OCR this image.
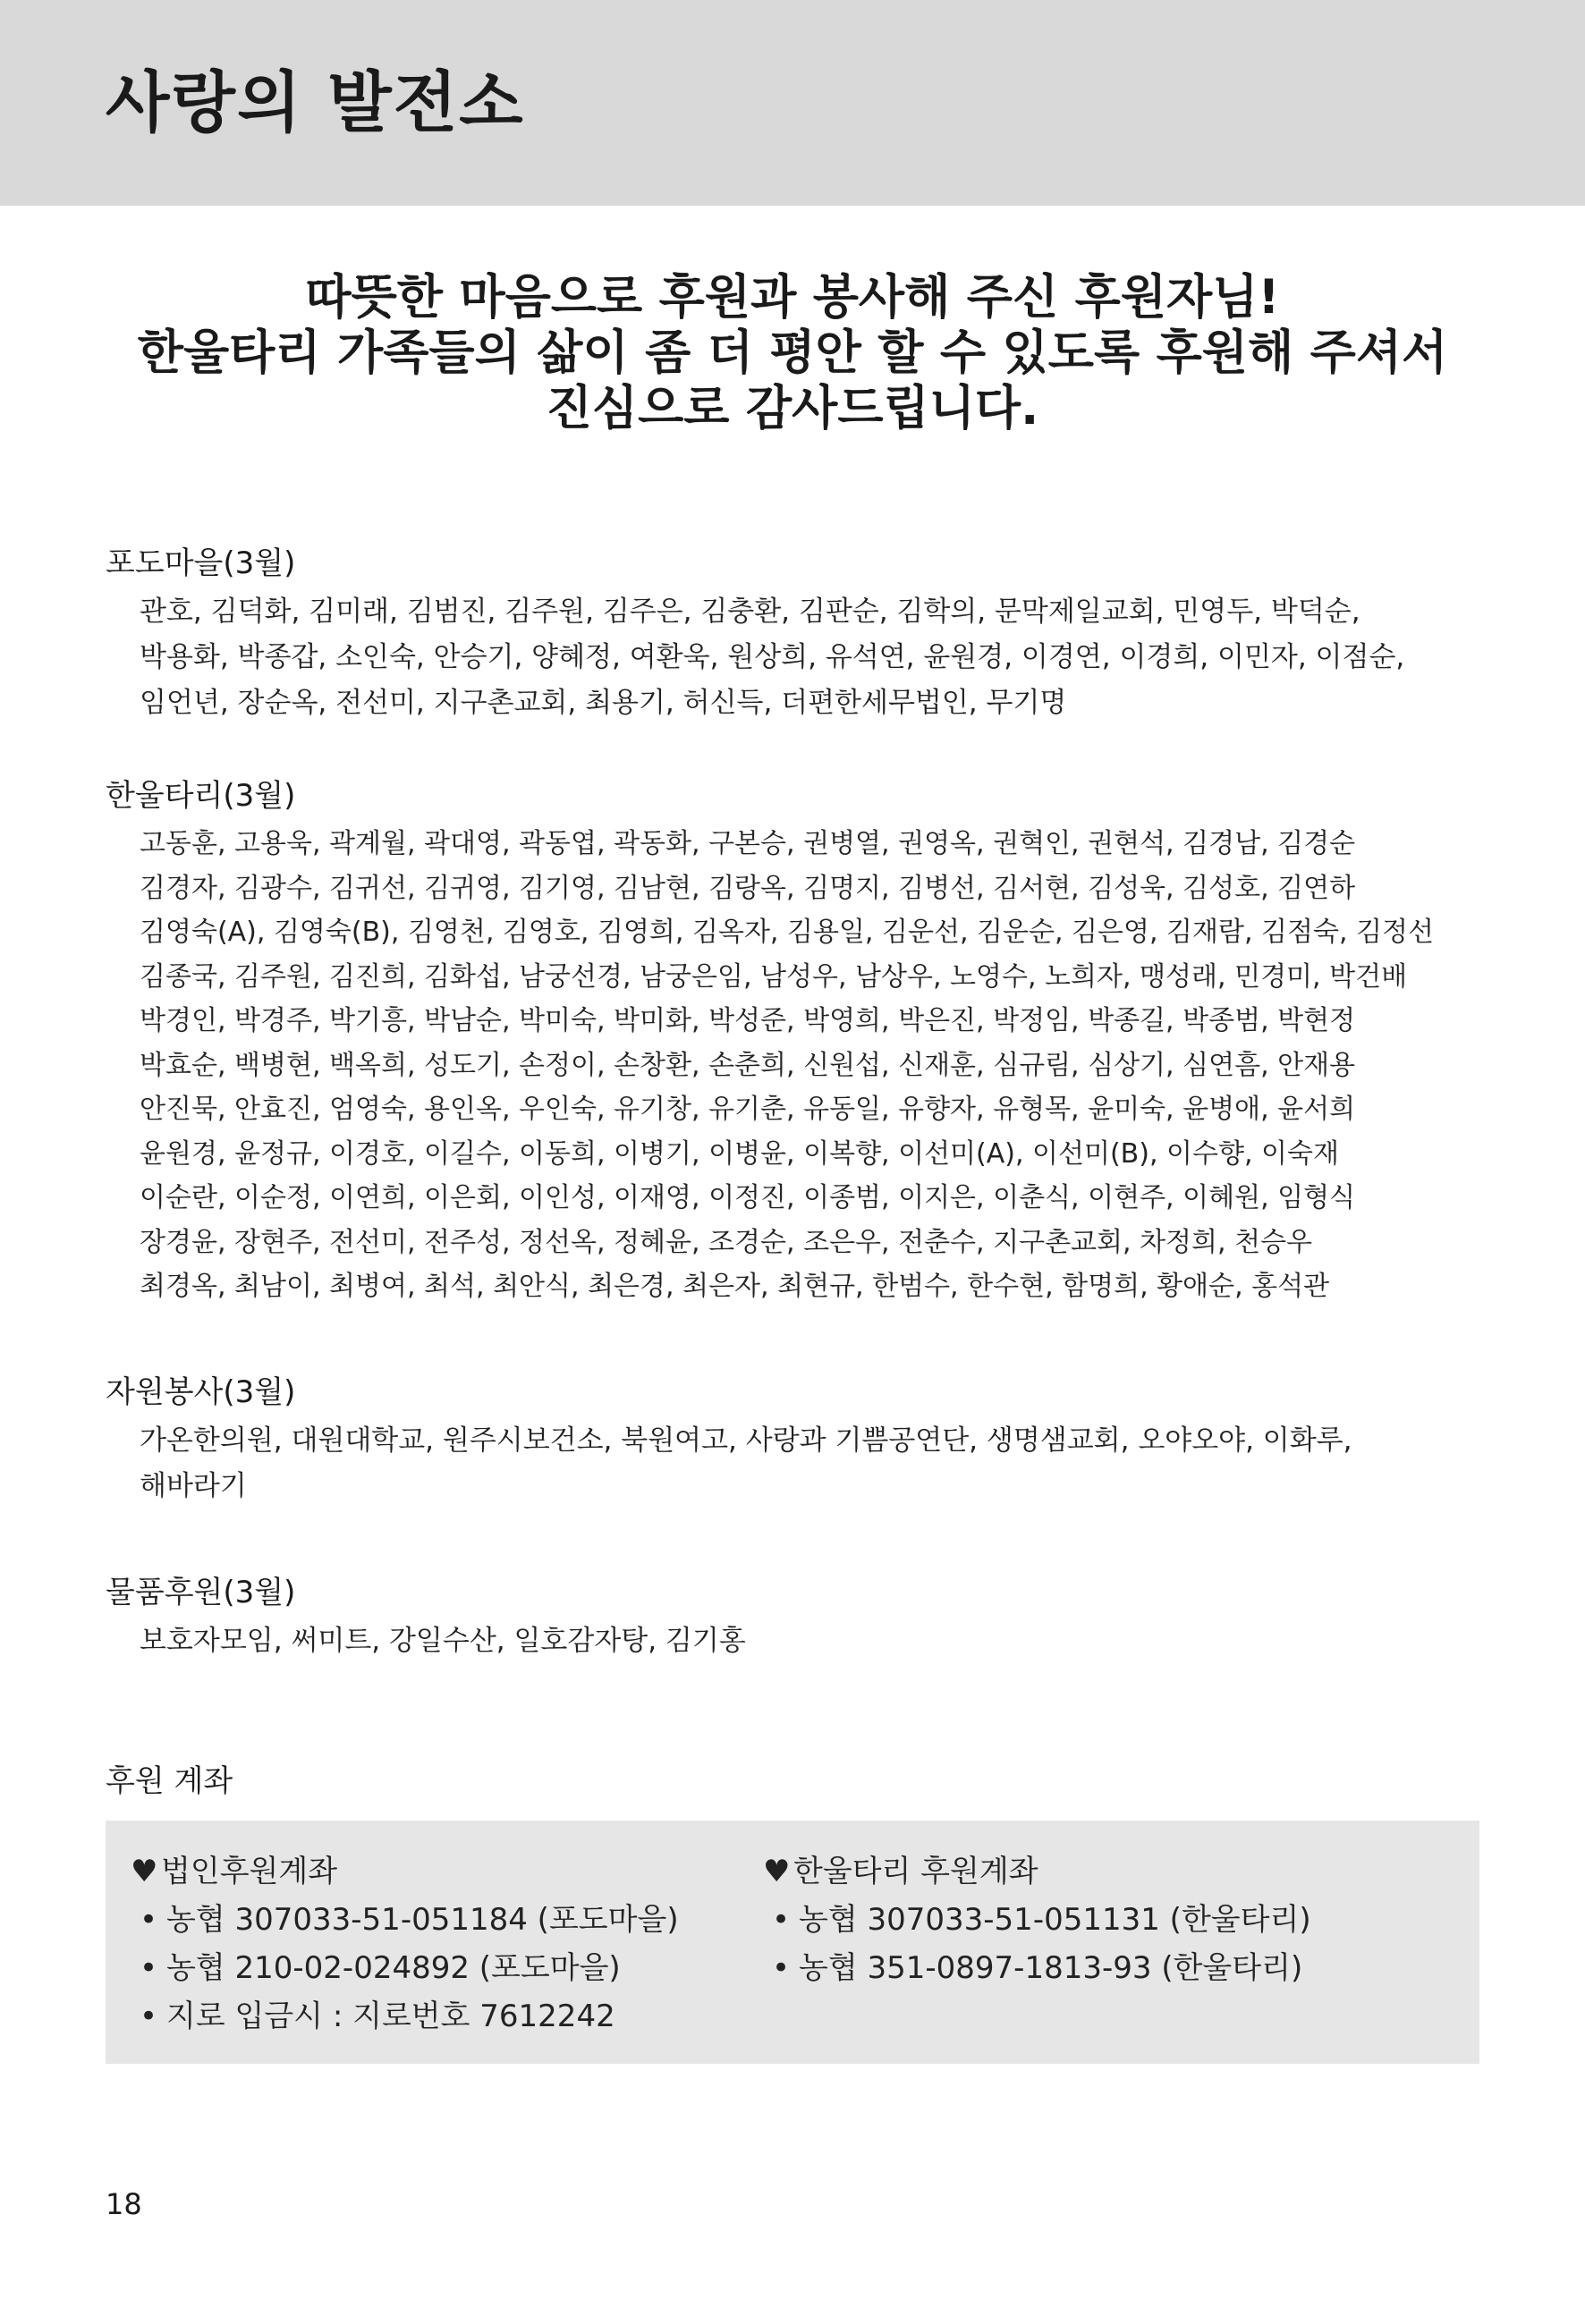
사랑의 발전소
따뜻한 마음으로 후원과 봉사해 주신 후원자님!
한울타리 가족들의 삶이 좀 더 평안 할 수 있도록 후원해 주셔서
진심으로 감사드립니다.
포도마을(3월)
관호, 김덕화, 김미래, 김범진, 김주원, 김주은, 김충환, 김판순, 김학의, 문막제일교회, 민영두, 박덕순,
박용화, 박종갑, 소인숙, 안승기, 양혜정, 여환욱, 원상희, 유석연, 윤원경, 이경연, 이경희, 이민자, 이점순,
임언년, 장순옥, 전선미, 지구촌교회, 최용기, 허신득, 더편한세무법인, 무기명
한울타리(3월)
고동훈, 고용욱, 곽계월, 곽대영, 곽동엽, 곽동화, 구본승, 권병열, 권영옥, 권혁인, 권현석, 김경남, 김경순
김경자, 김광수, 김귀선, 김귀영, 김기영, 김남현, 김랑옥, 김명지, 김병선, 김서현, 김성욱, 김성호, 김연하
김영숙(A), 김영숙(B), 김영천, 김영호, 김영희, 김옥자, 김용일, 김운선, 김운순, 김은영, 김재람, 김점숙, 김정선
김종국, 김주원, 김진희, 김화섭, 남궁선경, 남궁은임, 남성우, 남상우, 노영수, 노희자, 맹성래, 민경미, 박건배
박경인, 박경주, 박기흥, 박남순, 박미숙, 박미화, 박성준, 박영희, 박은진, 박정임, 박종길, 박종범, 박현정
박효순, 백병현, 백옥희, 성도기, 손정이, 손창환, 손춘희, 신원섭, 신재훈, 심규림, 심상기, 심연흠, 안재용
안진묵, 안효진, 엄영숙, 용인옥, 우인숙, 유기창, 유기춘, 유동일, 유향자, 유형목, 윤미숙, 윤병애, 윤서희
윤원경, 윤정규, 이경호, 이길수, 이동희, 이병기, 이병윤, 이복향, 이선미(A), 이선미(B), 이수향, 이숙재
이순란, 이순정, 이연희, 이은회, 이인성, 이재영, 이정진, 이종범, 이지은, 이춘식, 이현주, 이혜원, 임형식
장경윤, 장현주, 전선미, 전주성, 정선옥, 정혜윤, 조경순, 조은우, 전춘수, 지구촌교회, 차정희, 천승우
최경옥, 최남이, 최병여, 최석, 최안식, 최은경, 최은자, 최현규, 한범수, 한수현, 함명희, 황애순, 홍석관
자원봉사(3월)
가온한의원, 대원대학교, 원주시보건소, 북원여고, 사랑과 기쁨공연단, 생명샘교회, 오야오야, 이화루,
해바라기
물품후원(3월)
보호자모임, 써미트, 강일수산, 일호감자탕, 김기홍
후원 계좌
♥ 법인후원계좌
• 농협 307033-51-051184 (포도마을)
• 농협 210-02-024892 (포도마을)
• 지로 입금시 : 지로번호 7612242
♥ 한울타리 후원계좌
• 농협 307033-51-051131 (한울타리)
• 농협 351-0897-1813-93 (한울타리)
18
